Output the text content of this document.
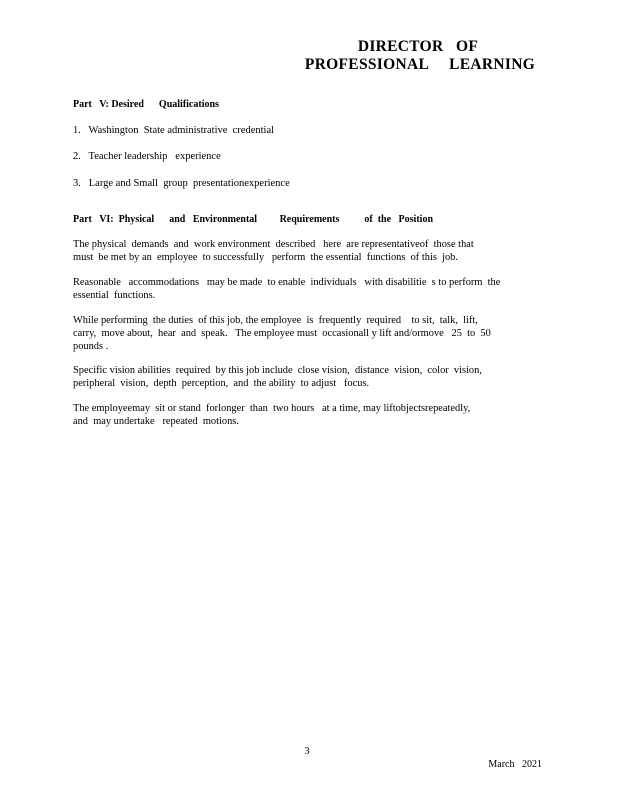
DIRECTOR   OF
PROFESSIONAL     LEARNING
Part   V: Desired      Qualifications
1.   Washington  State administrative  credential
2.   Teacher leadership   experience
3.   Large and Small  group  presentationexperience
Part   VI:  Physical      and   Environmental         Requirements          of  the   Position
The physical  demands  and  work environment  described   here  are representativeof  those that
must  be met by an  employee  to successfully   perform  the essential  functions  of this  job.
Reasonable   accommodations   may be made  to enable  individuals   with disabilitie  s to perform  the
essential  functions.
While performing  the duties  of this job, the employee  is  frequently  required    to sit,  talk,  lift,
carry,  move about,  hear  and  speak.   The employee must  occasionall y lift and/ormove   25  to  50
pounds .
Specific vision abilities  required  by this job include  close vision,  distance  vision,  color  vision,
peripheral  vision,  depth  perception,  and  the ability  to adjust   focus.
The employeemay  sit or stand  forlonger  than  two hours   at a time, may liftobjectsrepeatedly,
and  may undertake   repeated  motions.
3
March   2021
